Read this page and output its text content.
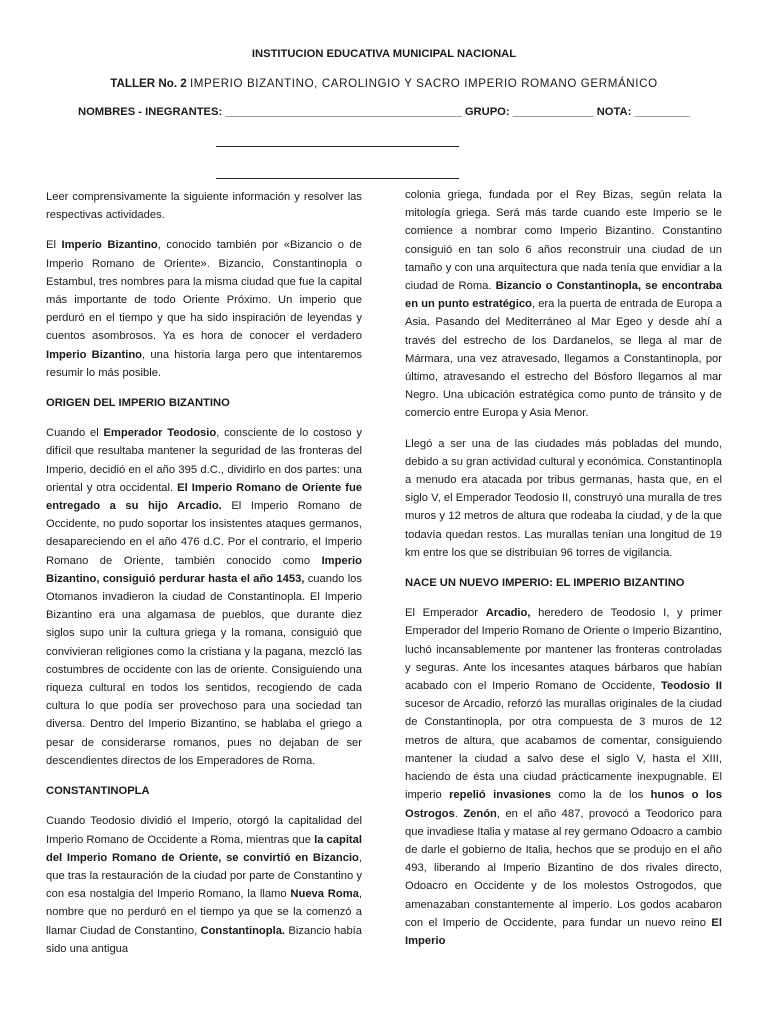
INSTITUCION EDUCATIVA MUNICIPAL NACIONAL
TALLER No. 2 IMPERIO BIZANTINO, CAROLINGIO Y SACRO IMPERIO ROMANO GERMÁNICO
NOMBRES - INEGRANTES: ______________________________________ GRUPO: _____________ NOTA: _________

Leer comprensivamente la siguiente información y resolver las respectivas actividades.

El Imperio Bizantino, conocido también por «Bizancio o de Imperio Romano de Oriente». Bizancio, Constantinopla o Estambul, tres nombres para la misma ciudad que fue la capital más importante de todo Oriente Próximo. Un imperio que perduró en el tiempo y que ha sido inspiración de leyendas y cuentos asombrosos. Ya es hora de conocer el verdadero Imperio Bizantino, una historia larga pero que intentaremos resumir lo más posible.

ORIGEN DEL IMPERIO BIZANTINO

Cuando el Emperador Teodosio, consciente de lo costoso y difícil que resultaba mantener la seguridad de las fronteras del Imperio, decidió en el año 395 d.C., dividirlo en dos partes: una oriental y otra occidental. El Imperio Romano de Oriente fue entregado a su hijo Arcadio. El Imperio Romano de Occidente, no pudo soportar los insistentes ataques germanos, desapareciendo en el año 476 d.C. Por el contrario, el Imperio Romano de Oriente, también conocido como Imperio Bizantino, consiguió perdurar hasta el año 1453, cuando los Otomanos invadieron la ciudad de Constantinopla. El Imperio Bizantino era una algamasa de pueblos, que durante diez siglos supo unir la cultura griega y la romana, consiguió que convivieran religiones como la cristiana y la pagana, mezcló las costumbres de occidente con las de oriente. Consiguiendo una riqueza cultural en todos los sentidos, recogiendo de cada cultura lo que podía ser provechoso para una sociedad tan diversa. Dentro del Imperio Bizantino, se hablaba el griego a pesar de considerarse romanos, pues no dejaban de ser descendientes directos de los Emperadores de Roma.

CONSTANTINOPLA

Cuando Teodosio dividió el Imperio, otorgó la capitalidad del Imperio Romano de Occidente a Roma, mientras que la capital del Imperio Romano de Oriente, se convirtió en Bizancio, que tras la restauración de la ciudad por parte de Constantino y con esa nostalgia del Imperio Romano, la llamo Nueva Roma, nombre que no perduró en el tiempo ya que se la comenzó a llamar Ciudad de Constantino, Constantinopla. Bizancio había sido una antigua

colonia griega, fundada por el Rey Bizas, según relata la mitología griega. Será más tarde cuando este Imperio se le comience a nombrar como Imperio Bizantino. Constantino consiguió en tan solo 6 años reconstruir una ciudad de un tamaño y con una arquitectura que nada tenía que envidiar a la ciudad de Roma. Bizancio o Constantinopla, se encontraba en un punto estratégico, era la puerta de entrada de Europa a Asia. Pasando del Mediterráneo al Mar Egeo y desde ahí a través del estrecho de los Dardanelos, se llega al mar de Mármara, una vez atravesado, llegamos a Constantinopla, por último, atravesando el estrecho del Bósforo llegamos al mar Negro. Una ubicación estratégica como punto de tránsito y de comercio entre Europa y Asia Menor.

Llegó a ser una de las ciudades más pobladas del mundo, debido a su gran actividad cultural y económica. Constantinopla a menudo era atacada por tribus germanas, hasta que, en el siglo V, el Emperador Teodosio II, construyó una muralla de tres muros y 12 metros de altura que rodeaba la ciudad, y de la que todavía quedan restos. Las murallas tenían una longitud de 19 km entre los que se distribuían 96 torres de vigilancia.

NACE UN NUEVO IMPERIO: EL IMPERIO BIZANTINO

El Emperador Arcadio, heredero de Teodosio I, y primer Emperador del Imperio Romano de Oriente o Imperio Bizantino, luchó incansablemente por mantener las fronteras controladas y seguras. Ante los incesantes ataques bárbaros que habían acabado con el Imperio Romano de Occidente, Teodosio II sucesor de Arcadio, reforzó las murallas originales de la ciudad de Constantinopla, por otra compuesta de 3 muros de 12 metros de altura, que acabamos de comentar, consiguiendo mantener la ciudad a salvo dese el siglo V, hasta el XIII, haciendo de ésta una ciudad prácticamente inexpugnable. El imperio repelió invasiones como la de los hunos o los Ostrogos. Zenón, en el año 487, provocó a Teodorico para que invadiese Italia y matase al rey germano Odoacro a cambio de darle el gobierno de Italia, hechos que se produjo en el año 493, liberando al Imperio Bizantino de dos rivales directo, Odoacro en Occidente y de los molestos Ostrogodos, que amenazaban constantemente al imperio. Los godos acabaron con el Imperio de Occidente, para fundar un nuevo reino El Imperio
